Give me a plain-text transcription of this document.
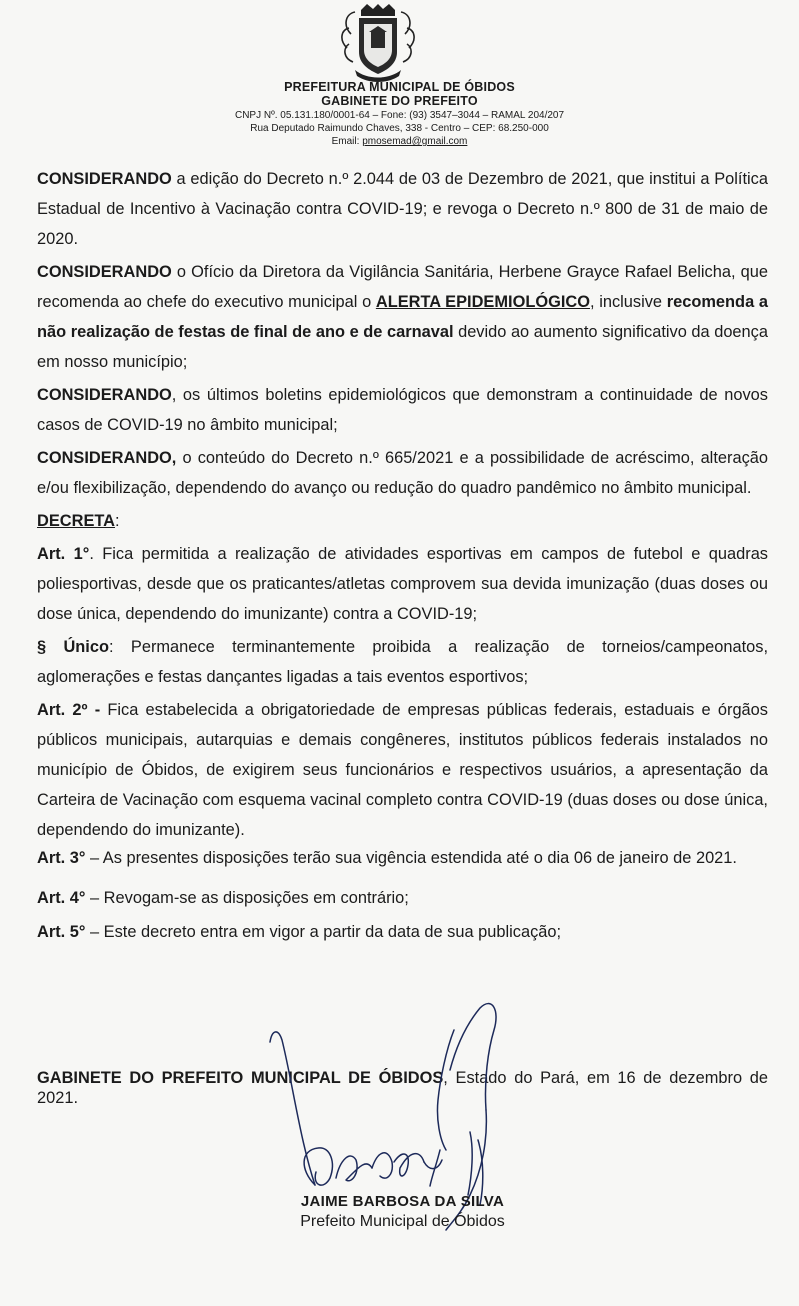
PREFEITURA MUNICIPAL DE ÓBIDOS
GABINETE DO PREFEITO
CNPJ Nº. 05.131.180/0001-64 – Fone: (93) 3547–3044 – RAMAL 204/207
Rua Deputado Raimundo Chaves, 338 - Centro – CEP: 68.250-000
Email: pmosemad@gmail.com

CONSIDERANDO a edição do Decreto n.º 2.044 de 03 de Dezembro de 2021, que institui a Política Estadual de Incentivo à Vacinação contra COVID-19; e revoga o Decreto n.º 800 de 31 de maio de 2020.

CONSIDERANDO o Ofício da Diretora da Vigilância Sanitária, Herbene Grayce Rafael Belicha, que recomenda ao chefe do executivo municipal o ALERTA EPIDEMIOLÓGICO, inclusive recomenda a não realização de festas de final de ano e de carnaval devido ao aumento significativo da doença em nosso município;

CONSIDERANDO, os últimos boletins epidemiológicos que demonstram a continuidade de novos casos de COVID-19 no âmbito municipal;

CONSIDERANDO, o conteúdo do Decreto n.º 665/2021 e a possibilidade de acréscimo, alteração e/ou flexibilização, dependendo do avanço ou redução do quadro pandêmico no âmbito municipal.

DECRETA:

Art. 1°. Fica permitida a realização de atividades esportivas em campos de futebol e quadras poliesportivas, desde que os praticantes/atletas comprovem sua devida imunização (duas doses ou dose única, dependendo do imunizante) contra a COVID-19;

§ Único: Permanece terminantemente proibida a realização de torneios/campeonatos, aglomerações e festas dançantes ligadas a tais eventos esportivos;

Art. 2º - Fica estabelecida a obrigatoriedade de empresas públicas federais, estaduais e órgãos públicos municipais, autarquias e demais congêneres, institutos públicos federais instalados no município de Óbidos, de exigirem seus funcionários e respectivos usuários, a apresentação da Carteira de Vacinação com esquema vacinal completo contra COVID-19 (duas doses ou dose única, dependendo do imunizante).

Art. 3° – As presentes disposições terão sua vigência estendida até o dia 06 de janeiro de 2021.

Art. 4° – Revogam-se as disposições em contrário;

Art. 5° – Este decreto entra em vigor a partir da data de sua publicação;

GABINETE DO PREFEITO MUNICIPAL DE ÓBIDOS, Estado do Pará, em 16 de dezembro de 2021.
JAIME BARBOSA DA SILVA
Prefeito Municipal de Óbidos
